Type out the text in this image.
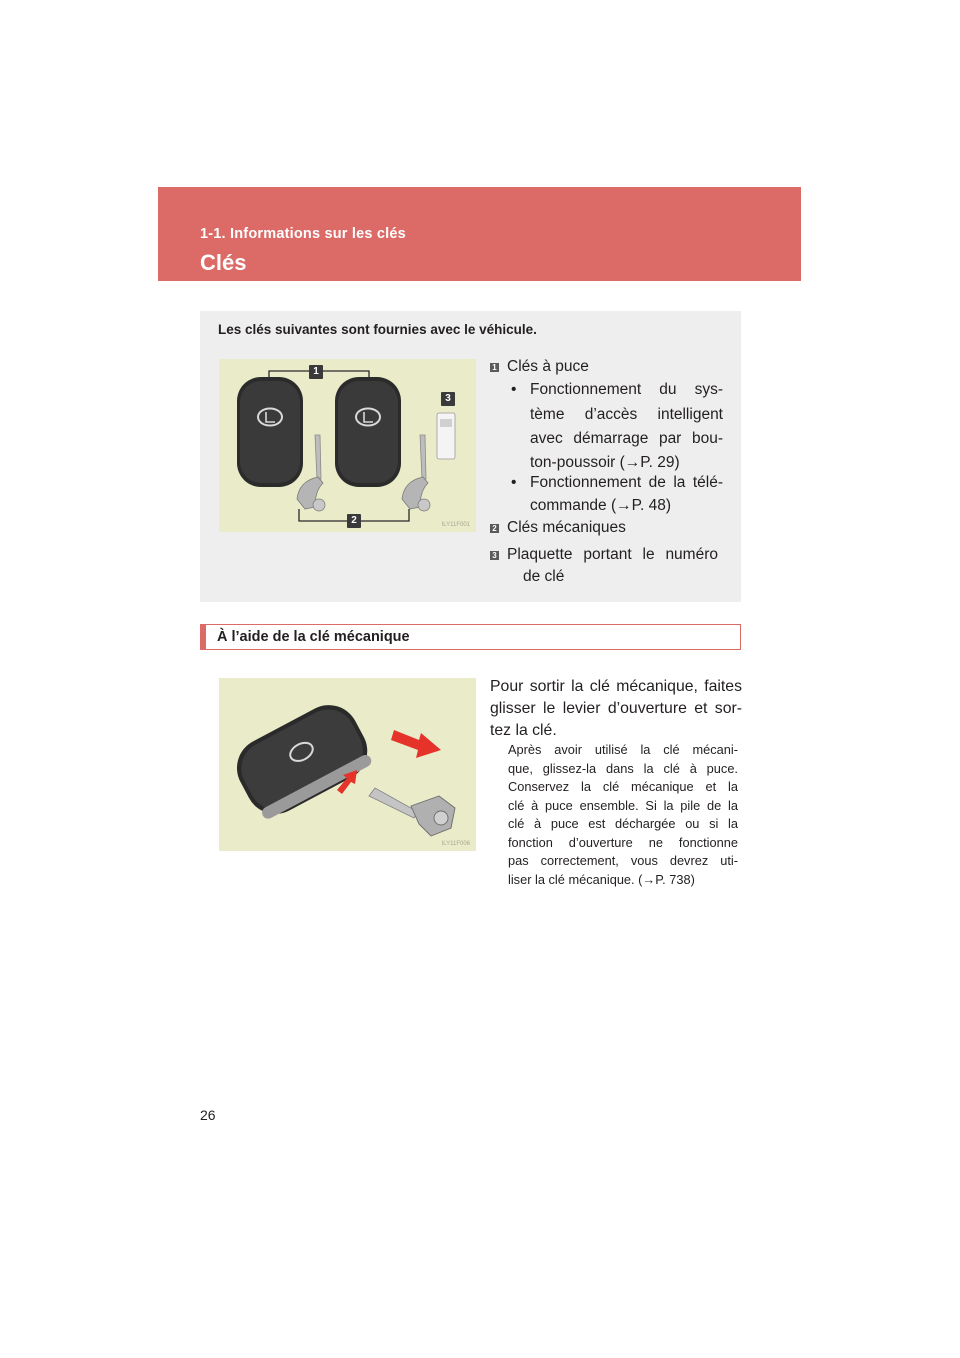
1-1. Informations sur les clés
Clés
Les clés suivantes sont fournies avec le véhicule.
1
2
3
ILY11F001
1 Clés à puce
• Fonctionnement du sys-
tème d’accès intelligent
avec démarrage par bou-
ton-poussoir (→P. 29)
• Fonctionnement de la télé-
commande (→P. 48)
2 Clés mécaniques
3 Plaquette portant le numéro
de clé
À l’aide de la clé mécanique
ILY11F006
Pour sortir la clé mécanique, faites
glisser le levier d’ouverture et sor-
tez la clé.
Après avoir utilisé la clé mécani-
que, glissez-la dans la clé à puce.
Conservez la clé mécanique et la
clé à puce ensemble. Si la pile de la
clé à puce est déchargée ou si la
fonction d’ouverture ne fonctionne
pas correctement, vous devrez uti-
liser la clé mécanique. (→P. 738)
26
